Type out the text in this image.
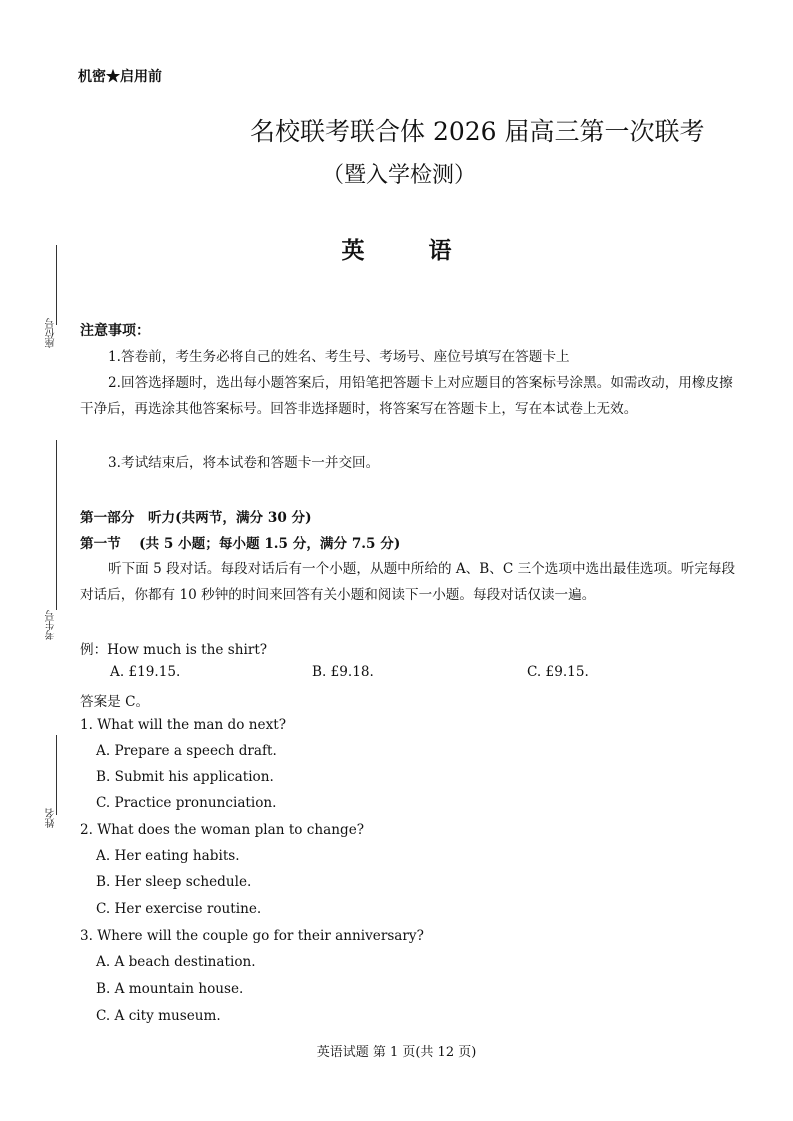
座位号
考生号
姓名
机密★启用前
名校联考联合体 2026 届高三第一次联考
（暨入学检测）
英	语
注意事项：
1.答卷前，考生务必将自己的姓名、考生号、考场号、座位号填写在答题卡上
2.回答选择题时，选出每小题答案后，用铅笔把答题卡上对应题目的答案标号涂黑。如需改动，用橡皮擦干净后，再选涂其他答案标号。回答非选择题时，将答案写在答题卡上，写在本试卷上无效。
3.考试结束后，将本试卷和答题卡一并交回。
第一部分　听力(共两节，满分 30 分)
第一节　 (共 5 小题；每小题 1.5 分，满分 7.5 分)
听下面 5 段对话。每段对话后有一个小题，从题中所给的 A、B、C 三个选项中选出最佳选项。听完每段对话后，你都有 10 秒钟的时间来回答有关小题和阅读下一小题。每段对话仅读一遍。
例：How much is the shirt?
A. £19.15.	B. £9.18.	C. £9.15.
答案是 C。
1. What will the man do next?
A. Prepare a speech draft.
B. Submit his application.
C. Practice pronunciation.
2. What does the woman plan to change?
A. Her eating habits.
B. Her sleep schedule.
C. Her exercise routine.
3. Where will the couple go for their anniversary?
A. A beach destination.
B. A mountain house.
C. A city museum.
英语试题 第 1 页(共 12 页)
